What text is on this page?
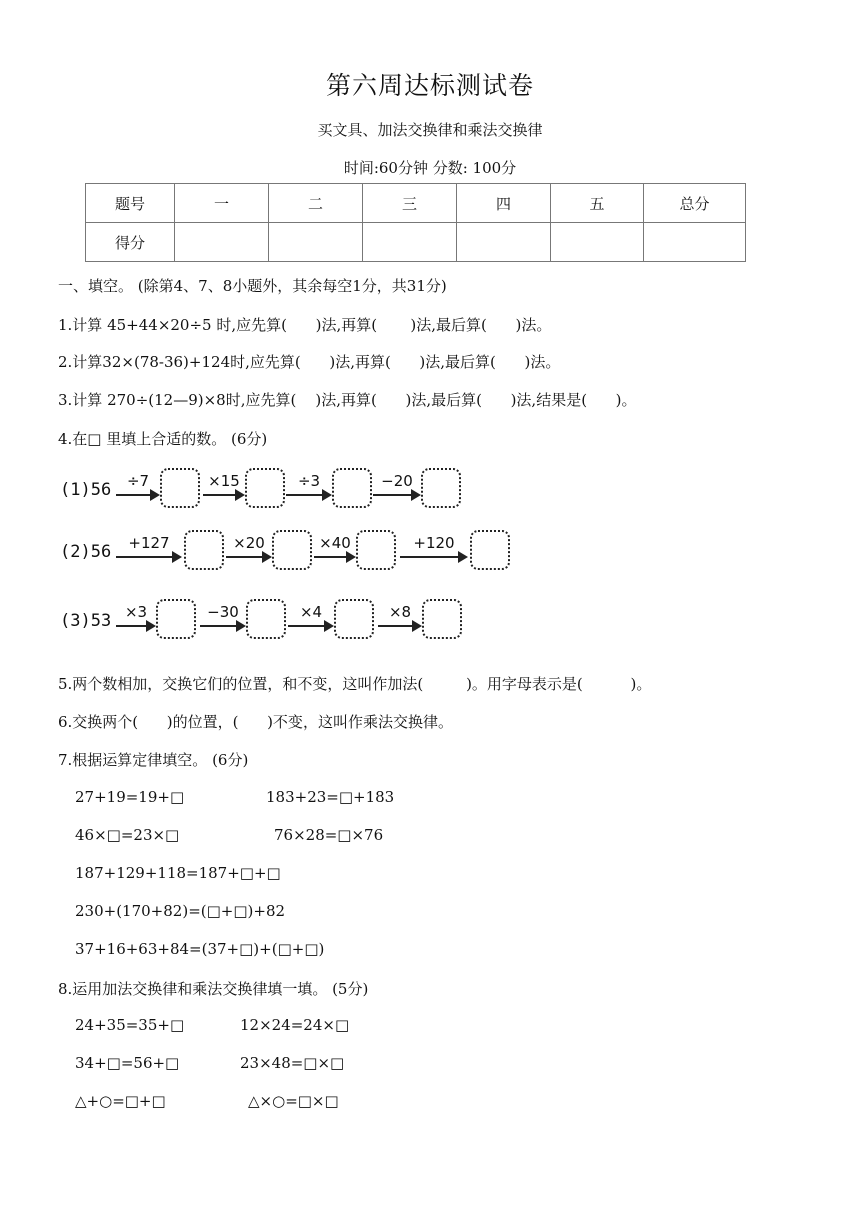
第六周达标测试卷
买文具、加法交换律和乘法交换律
时间:60分钟 分数: 100分
题号	一	二	三	四	五	总分
得分						
一、填空。 (除第4、7、8小题外，其余每空1分，共31分)
1.计算 45+44×20÷5 时,应先算(      )法,再算(       )法,最后算(      )法。
2.计算32×(78-36)+124时,应先算(      )法,再算(      )法,最后算(      )法。
3.计算 270÷(12—9)×8时,应先算(    )法,再算(      )法,最后算(      )法,结果是(      )。
4.在□ 里填上合适的数。 (6分)
(1)56	÷7	×15	÷3	−20
(2)56	+127	×20	×40	+120
(3)53 ×3	−30	×4	×8
5.两个数相加，交换它们的位置，和不变，这叫作加法(         )。用字母表示是(          )。
6.交换两个(      )的位置，(      )不变，这叫作乘法交换律。
7.根据运算定律填空。 (6分)
27+19=19+□	183+23=□+183
46×□=23×□	76×28=□×76
187+129+118=187+□+□
230+(170+82)=(□+□)+82
37+16+63+84=(37+□)+(□+□)
8.运用加法交换律和乘法交换律填一填。 (5分)
24+35=35+□	12×24=24×□
34+□=56+□	23×48=□×□
△+○=□+□	△×○=□×□
